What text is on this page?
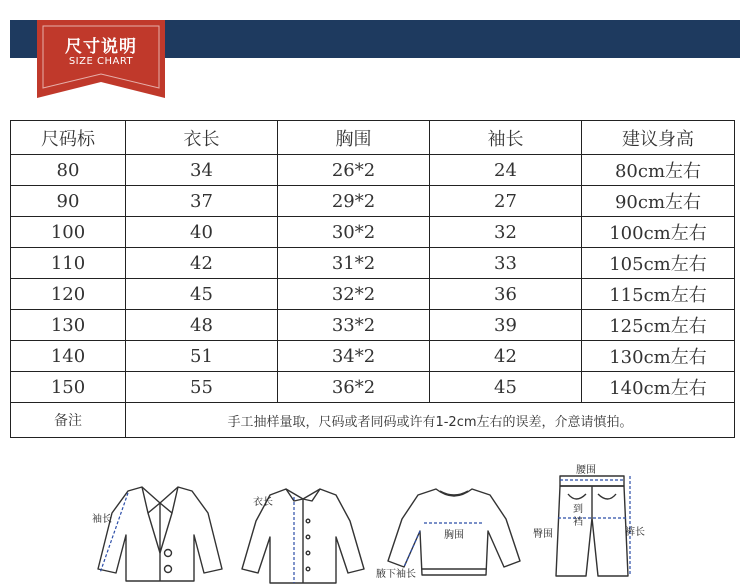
尺寸说明
SIZE CHART
尺码标	衣长	胸围	袖长	建议身高
80	34	26*2	24	80cm左右
90	37	29*2	27	90cm左右
100	40	30*2	32	100cm左右
110	42	31*2	33	105cm左右
120	45	32*2	36	115cm左右
130	48	33*2	39	125cm左右
140	51	34*2	42	130cm左右
150	55	36*2	45	140cm左右
备注	手工抽样量取，尺码或者同码或许有1-2cm左右的误差，介意请慎拍。			
袖长
衣长
胸围
腋下袖长
腰围
臀围
到
裆
裤长
